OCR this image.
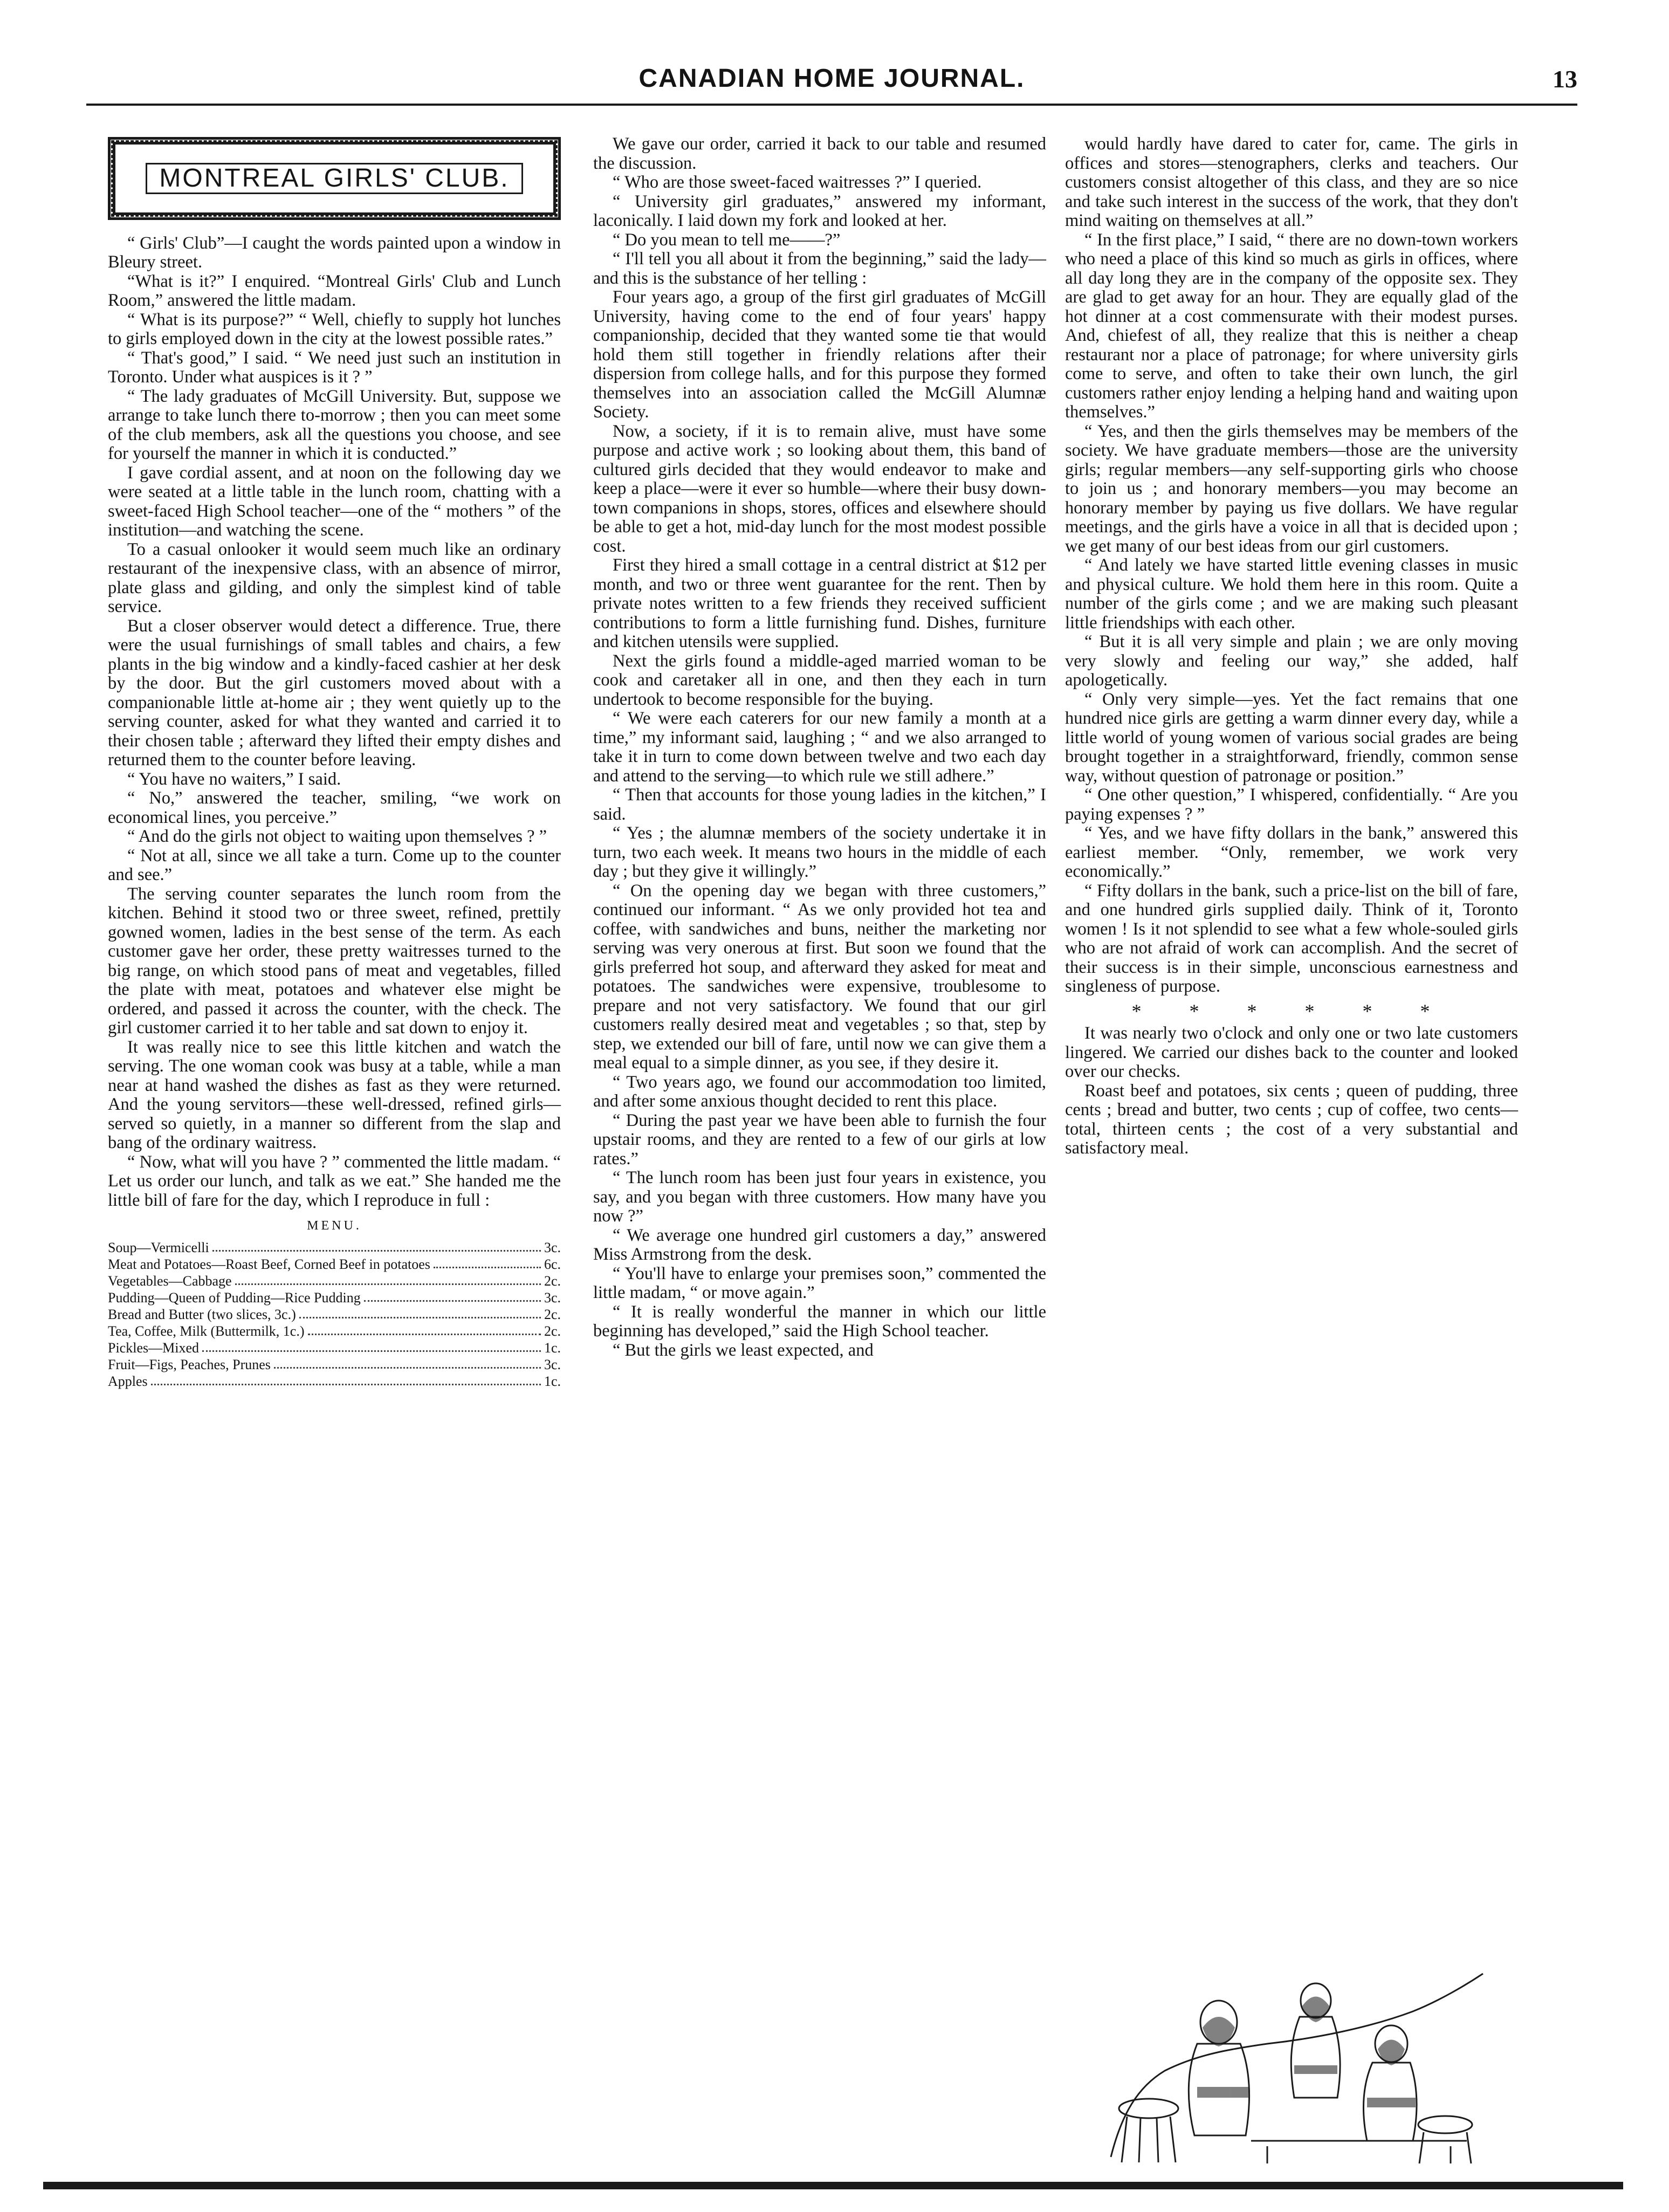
CANADIAN HOME JOURNAL.	13
MONTREAL GIRLS' CLUB.

“ Girls' Club”—I caught the words painted upon a window in Bleury street.

“What is it?” I enquired. “Montreal Girls' Club and Lunch Room,” answered the little madam.

“ What is its purpose?” “ Well, chiefly to supply hot lunches to girls employed down in the city at the lowest possible rates.”

“ That's good,” I said. “ We need just such an institution in Toronto. Under what auspices is it ? ”

“ The lady graduates of McGill University. But, suppose we arrange to take lunch there to-morrow ; then you can meet some of the club members, ask all the questions you choose, and see for yourself the manner in which it is conducted.”

I gave cordial assent, and at noon on the following day we were seated at a little table in the lunch room, chatting with a sweet-faced High School teacher—one of the “ mothers ” of the institution—and watching the scene.

To a casual onlooker it would seem much like an ordinary restaurant of the inexpensive class, with an absence of mirror, plate glass and gilding, and only the simplest kind of table service.

But a closer observer would detect a difference. True, there were the usual furnishings of small tables and chairs, a few plants in the big window and a kindly-faced cashier at her desk by the door. But the girl customers moved about with a companionable little at-home air ; they went quietly up to the serving counter, asked for what they wanted and carried it to their chosen table ; afterward they lifted their empty dishes and returned them to the counter before leaving.

“ You have no waiters,” I said.

“ No,” answered the teacher, smiling, “we work on economical lines, you perceive.”

“ And do the girls not object to waiting upon themselves ? ”

“ Not at all, since we all take a turn. Come up to the counter and see.”

The serving counter separates the lunch room from the kitchen. Behind it stood two or three sweet, refined, prettily gowned women, ladies in the best sense of the term. As each customer gave her order, these pretty waitresses turned to the big range, on which stood pans of meat and vegetables, filled the plate with meat, potatoes and whatever else might be ordered, and passed it across the counter, with the check. The girl customer carried it to her table and sat down to enjoy it.

It was really nice to see this little kitchen and watch the serving. The one woman cook was busy at a table, while a man near at hand washed the dishes as fast as they were returned. And the young servitors—these well-dressed, refined girls—served so quietly, in a manner so different from the slap and bang of the ordinary waitress.

“ Now, what will you have ? ” commented the little madam. “ Let us order our lunch, and talk as we eat.” She handed me the little bill of fare for the day, which I reproduce in full :

MENU.
Soup—Vermicelli	3c.
Meat and Potatoes—Roast Beef, Corned Beef in potatoes	6c.
Vegetables—Cabbage	2c.
Pudding—Queen of Pudding—Rice Pudding	3c.
Bread and Butter (two slices, 3c.)	2c.
Tea, Coffee, Milk (Buttermilk, 1c.)	2c.
Pickles—Mixed	1c.
Fruit—Figs, Peaches, Prunes	3c.
Apples	1c.

We gave our order, carried it back to our table and resumed the discussion.

“ Who are those sweet-faced waitresses ?” I queried.

“ University girl graduates,” answered my informant, laconically. I laid down my fork and looked at her.

“ Do you mean to tell me——?”

“ I'll tell you all about it from the beginning,” said the lady—and this is the substance of her telling :

Four years ago, a group of the first girl graduates of McGill University, having come to the end of four years' happy companionship, decided that they wanted some tie that would hold them still together in friendly relations after their dispersion from college halls, and for this purpose they formed themselves into an association called the McGill Alumnæ Society.

Now, a society, if it is to remain alive, must have some purpose and active work ; so looking about them, this band of cultured girls decided that they would endeavor to make and keep a place—were it ever so humble—where their busy down-town companions in shops, stores, offices and elsewhere should be able to get a hot, mid-day lunch for the most modest possible cost.

First they hired a small cottage in a central district at $12 per month, and two or three went guarantee for the rent. Then by private notes written to a few friends they received sufficient contributions to form a little furnishing fund. Dishes, furniture and kitchen utensils were supplied.

Next the girls found a middle-aged married woman to be cook and caretaker all in one, and then they each in turn undertook to become responsible for the buying.

“ We were each caterers for our new family a month at a time,” my informant said, laughing ; “ and we also arranged to take it in turn to come down between twelve and two each day and attend to the serving—to which rule we still adhere.”

“ Then that accounts for those young ladies in the kitchen,” I said.

“ Yes ; the alumnæ members of the society undertake it in turn, two each week. It means two hours in the middle of each day ; but they give it willingly.”

“ On the opening day we began with three customers,” continued our informant. “ As we only provided hot tea and coffee, with sandwiches and buns, neither the marketing nor serving was very onerous at first. But soon we found that the girls preferred hot soup, and afterward they asked for meat and potatoes. The sandwiches were expensive, troublesome to prepare and not very satisfactory. We found that our girl customers really desired meat and vegetables ; so that, step by step, we extended our bill of fare, until now we can give them a meal equal to a simple dinner, as you see, if they desire it.

“ Two years ago, we found our accommodation too limited, and after some anxious thought decided to rent this place.

“ During the past year we have been able to furnish the four upstair rooms, and they are rented to a few of our girls at low rates.”

“ The lunch room has been just four years in existence, you say, and you began with three customers. How many have you now ?”

“ We average one hundred girl customers a day,” answered Miss Armstrong from the desk.

“ You'll have to enlarge your premises soon,” commented the little madam, “ or move again.”

“ It is really wonderful the manner in which our little beginning has developed,” said the High School teacher.

“ But the girls we least expected, and

would hardly have dared to cater for, came. The girls in offices and stores—stenographers, clerks and teachers. Our customers consist altogether of this class, and they are so nice and take such interest in the success of the work, that they don't mind waiting on themselves at all.”

“ In the first place,” I said, “ there are no down-town workers who need a place of this kind so much as girls in offices, where all day long they are in the company of the opposite sex. They are glad to get away for an hour. They are equally glad of the hot dinner at a cost commensurate with their modest purses. And, chiefest of all, they realize that this is neither a cheap restaurant nor a place of patronage; for where university girls come to serve, and often to take their own lunch, the girl customers rather enjoy lending a helping hand and waiting upon themselves.”

“ Yes, and then the girls themselves may be members of the society. We have graduate members—those are the university girls; regular members—any self-supporting girls who choose to join us ; and honorary members—you may become an honorary member by paying us five dollars. We have regular meetings, and the girls have a voice in all that is decided upon ; we get many of our best ideas from our girl customers.

“ And lately we have started little evening classes in music and physical culture. We hold them here in this room. Quite a number of the girls come ; and we are making such pleasant little friendships with each other.

“ But it is all very simple and plain ; we are only moving very slowly and feeling our way,” she added, half apologetically.

“ Only very simple—yes. Yet the fact remains that one hundred nice girls are getting a warm dinner every day, while a little world of young women of various social grades are being brought together in a straightforward, friendly, common sense way, without question of patronage or position.”

“ One other question,” I whispered, confidentially. “ Are you paying expenses ? ”

“ Yes, and we have fifty dollars in the bank,” answered this earliest member. “Only, remember, we work very economically.”

“ Fifty dollars in the bank, such a price-list on the bill of fare, and one hundred girls supplied daily. Think of it, Toronto women ! Is it not splendid to see what a few whole-souled girls who are not afraid of work can accomplish. And the secret of their success is in their simple, unconscious earnestness and singleness of purpose.

* * * * * *

It was nearly two o'clock and only one or two late customers lingered. We carried our dishes back to the counter and looked over our checks.

Roast beef and potatoes, six cents ; queen of pudding, three cents ; bread and butter, two cents ; cup of coffee, two cents—total, thirteen cents ; the cost of a very substantial and satisfactory meal.
